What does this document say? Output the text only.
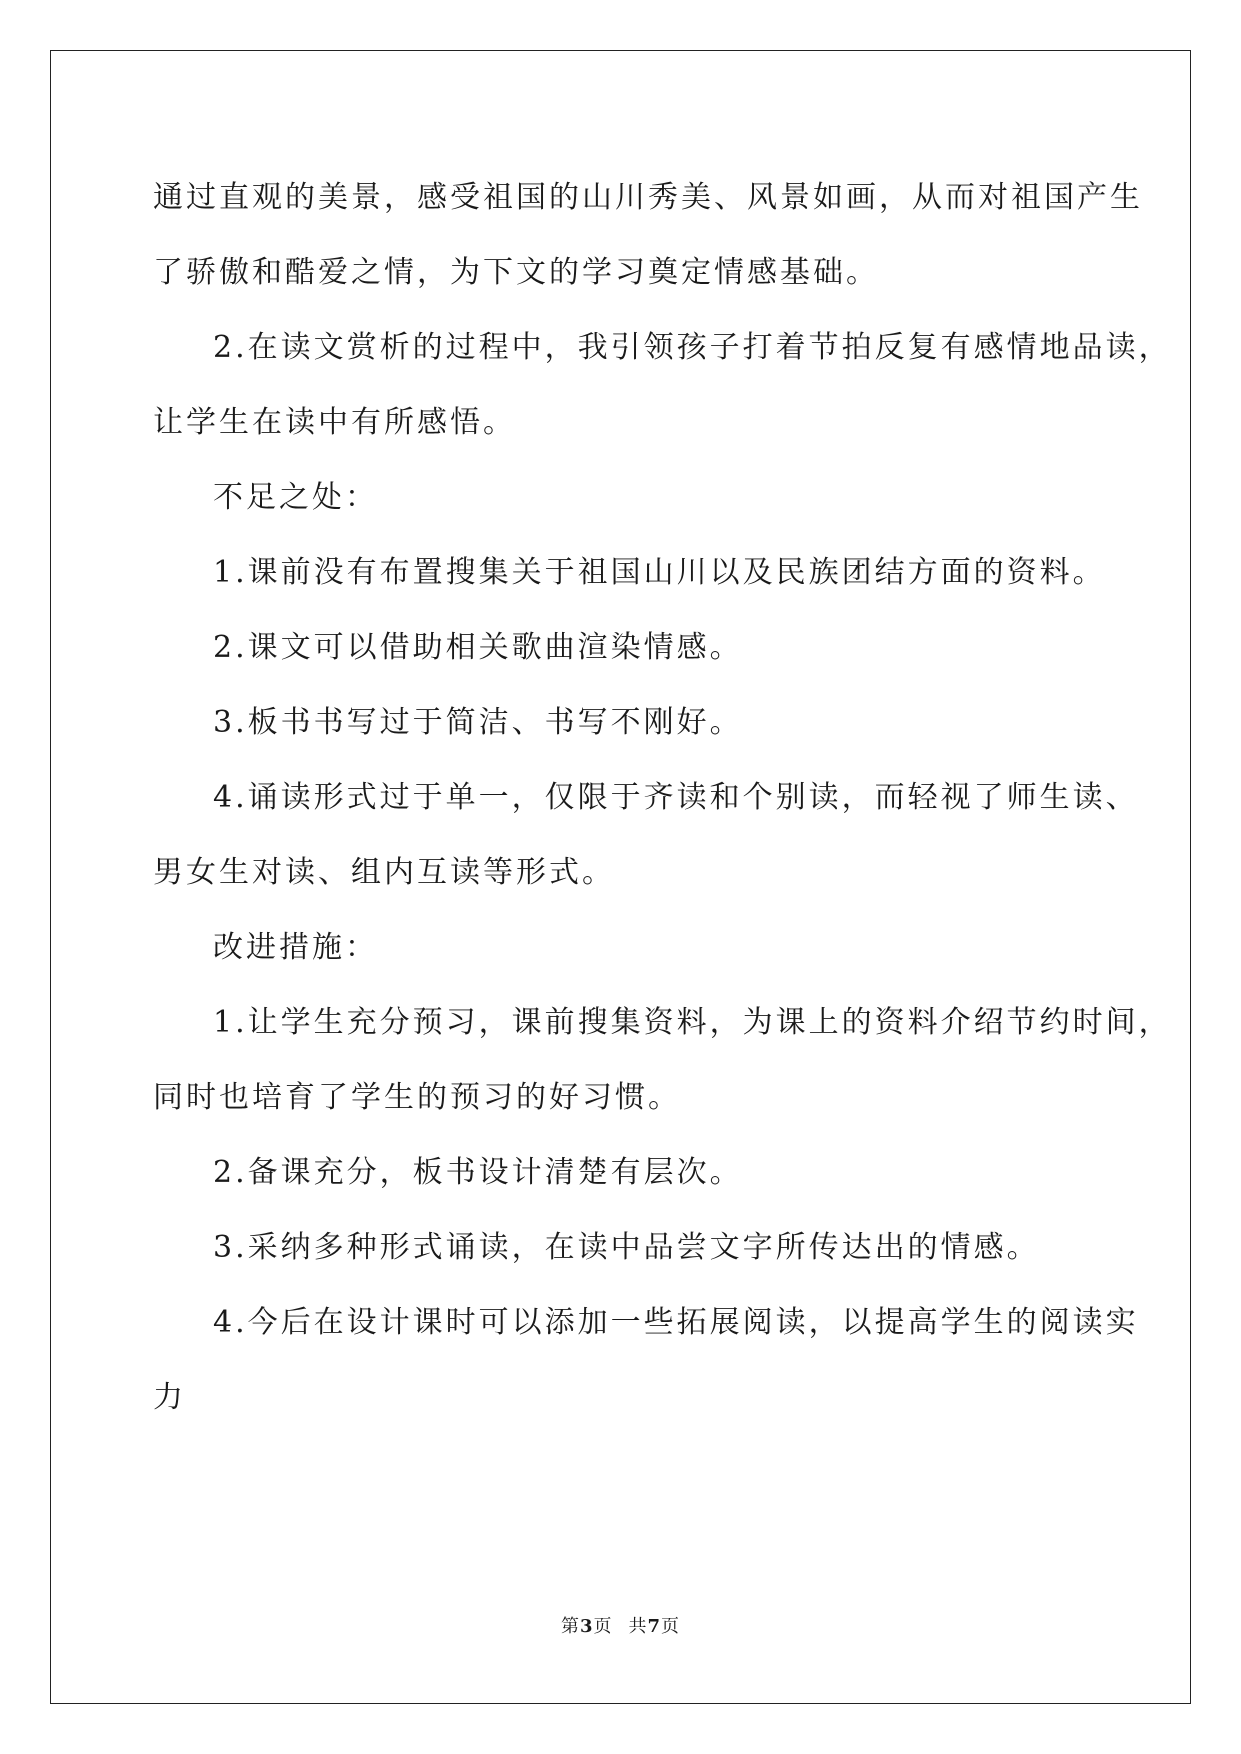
通过直观的美景，感受祖国的山川秀美、风景如画，从而对祖国产生

了骄傲和酷爱之情，为下文的学习奠定情感基础。

2.在读文赏析的过程中，我引领孩子打着节拍反复有感情地品读，

让学生在读中有所感悟。

不足之处：

1.课前没有布置搜集关于祖国山川以及民族团结方面的资料。

2.课文可以借助相关歌曲渲染情感。

3.板书书写过于简洁、书写不刚好。

4.诵读形式过于单一，仅限于齐读和个别读，而轻视了师生读、

男女生对读、组内互读等形式。

改进措施：

1.让学生充分预习，课前搜集资料，为课上的资料介绍节约时间，

同时也培育了学生的预习的好习惯。

2.备课充分，板书设计清楚有层次。

3.采纳多种形式诵读，在读中品尝文字所传达出的情感。

4.今后在设计课时可以添加一些拓展阅读，以提高学生的阅读实

力

第3页 共7页
